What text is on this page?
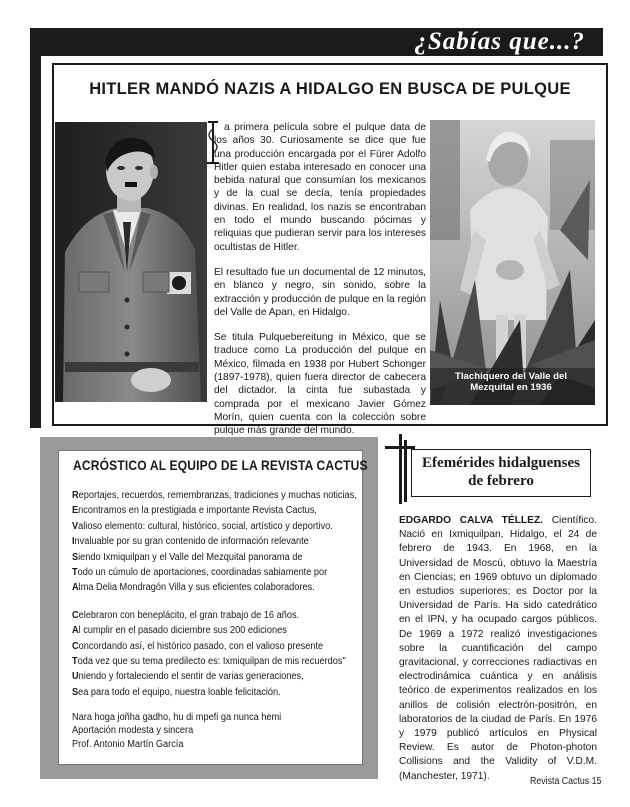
¿Sabías que...?
HITLER MANDÓ NAZIS A HIDALGO EN BUSCA DE PULQUE

a primera película sobre el pulque data de los años 30. Curiosamente se dice que fue una producción encargada por el Fürer Adolfo Hitler quien estaba interesado en conocer una bebida natural que consumían los mexicanos y de la cual se decía, tenía propiedades divinas. En realidad, los nazis se encontraban en todo el mundo buscando pócimas y reliquias que pudieran servir para los intereses ocultistas de Hitler.

El resultado fue un documental de 12 minutos, en blanco y negro, sin sonido, sobre la extracción y producción de pulque en la región del Valle de Apan, en Hidalgo.

Se titula Pulquebereitung in México, que se traduce como La producción del pulque en México, filmada en 1938 por Hubert Schonger (1897-1978), quien fuera director de cabecera del dictador. la cinta fue subastada y comprada por el mexicano Javier Gómez Morín, quien cuenta con la colección sobre pulque más grande del mundo.

Tlachiquero del Valle del Mezquital en 1936
ACRÓSTICO AL EQUIPO DE LA REVISTA CACTUS
Reportajes, recuerdos, remembranzas, tradiciones y muchas noticias,
Encontramos en la prestigiada e importante Revista Cactus,
Valioso elemento: cultural, histórico, social, artístico y deportivo.
Invaluable por su gran contenido de información relevante
Siendo Ixmiquilpan y el Valle del Mezquital panorama de
Todo un cúmulo de aportaciones, coordinadas sabiamente por
Alma Delia Mondragón Villa y sus eficientes colaboradores.
Celebraron con beneplácito, el gran trabajo de 16 años.
Al cumplir en el pasado diciembre sus 200 ediciones
Concordando así, el histórico pasado, con el valioso presente
Toda vez que su tema predilecto es: Ixmiquilpan de mis recuerdos"
Uniendo y fortaleciendo el sentir de varias generaciones,
Sea para todo el equipo, nuestra loable felicitación.
Nara hoga joñha gadho, hu di mpefi ga nunca hemi
Aportación modesta y sincera
Prof. Antonio Martín García
Efemérides hidalguenses
de febrero
EDGARDO CALVA TÉLLEZ. Científico. Nació en Ixmiquilpan, Hidalgo, el 24 de febrero de 1943. En 1968, en la Universidad de Moscú, obtuvo la Maestría en Ciencias; en 1969 obtuvo un diplomado en estudios superiores; es Doctor por la Universidad de París. Ha sido catedrático en el IPN, y ha ocupado cargos públicos. De 1969 a 1972 realizó investigaciones sobre la cuantificación del campo gravitacional, y correcciones radiactivas en electrodinámica cuántica y en análisis teórico de experimentos realizados en los anillos de colisión electrón-positrón, en laboratorios de la ciudad de París. En 1976 y 1979 publicó artículos en Physical Review. Es autor de Photon-photon Collisions and the Validity of V.D.M. (Manchester, 1971).	Revista Cactus 15
